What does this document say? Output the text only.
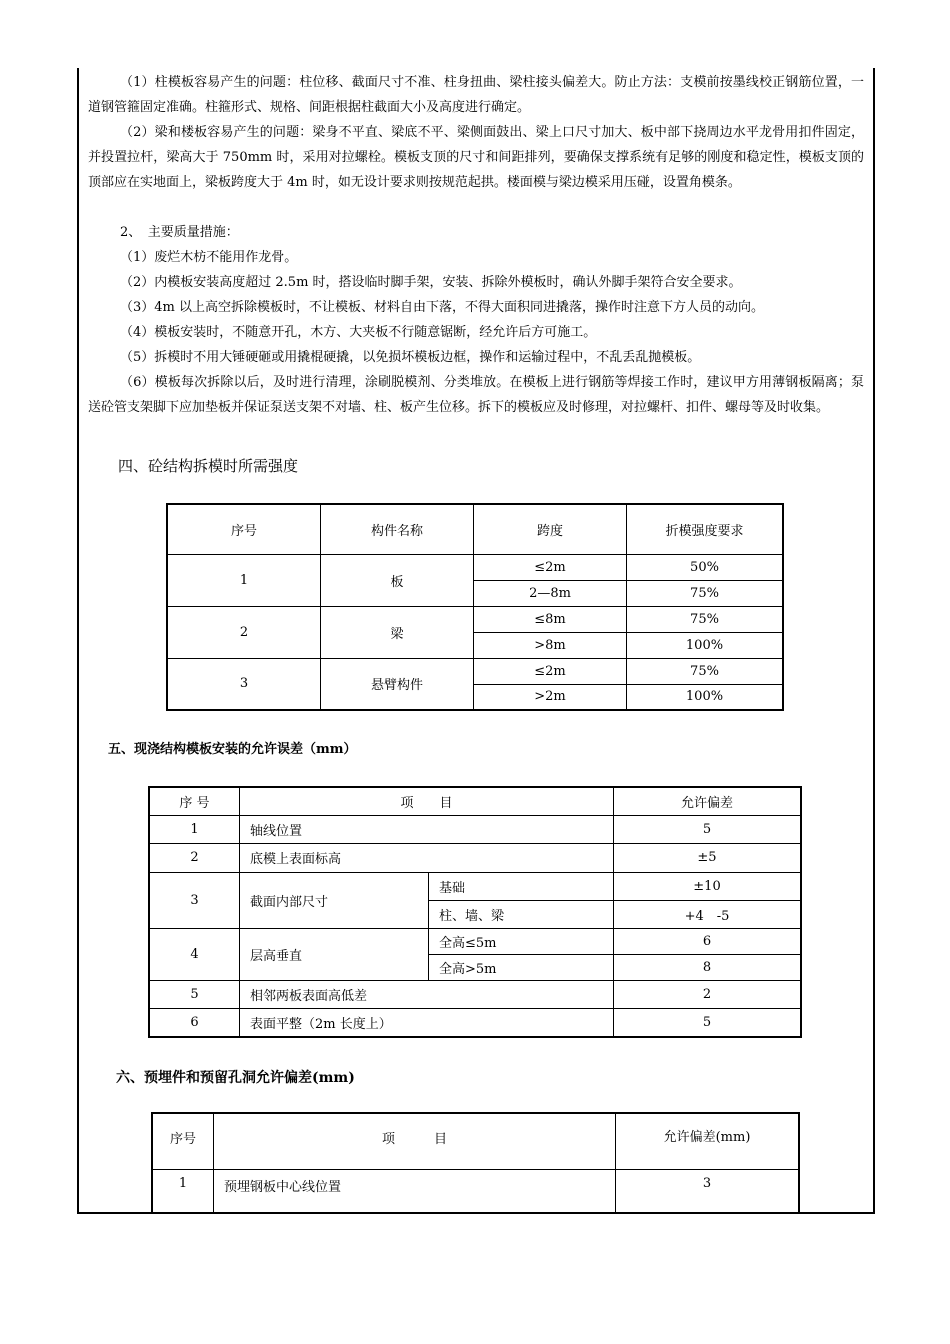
（1）柱模板容易产生的问题：柱位移、截面尺寸不准、柱身扭曲、梁柱接头偏差大。防止方法：支模前按墨线校正钢筋位置，一道钢管箍固定准确。柱箍形式、规格、间距根据柱截面大小及高度进行确定。
（2）梁和楼板容易产生的问题：梁身不平直、梁底不平、梁侧面鼓出、梁上口尺寸加大、板中部下挠周边水平龙骨用扣件固定，并投置拉杆，梁高大于 750mm 时，采用对拉螺栓。模板支顶的尺寸和间距排列，要确保支撑系统有足够的刚度和稳定性，模板支顶的顶部应在实地面上，梁板跨度大于 4m 时，如无设计要求则按规范起拱。楼面模与梁边模采用压碰，设置角模条。
2、　主要质量措施：
（1）废烂木枋不能用作龙骨。
（2）内模板安装高度超过 2.5m 时，搭设临时脚手架，安装、拆除外模板时，确认外脚手架符合安全要求。
（3）4m 以上高空拆除模板时，不让模板、材料自由下落，不得大面积同进撬落，操作时注意下方人员的动向。
（4）模板安装时，不随意开孔，木方、大夹板不行随意锯断，经允许后方可施工。
（5）拆模时不用大锤硬砸或用撬棍硬撬，以免损坏模板边框，操作和运输过程中，不乱丢乱抛模板。
（6）模板每次拆除以后，及时进行清理，涂刷脱模剂、分类堆放。在模板上进行钢筋等焊接工作时，建议甲方用薄钢板隔离；泵送砼管支架脚下应加垫板并保证泵送支架不对墙、柱、板产生位移。拆下的模板应及时修理，对拉螺杆、扣件、螺母等及时收集。
四、砼结构拆模时所需强度
序号	构件名称	跨度	折模强度要求
1	板	≤2m	50%
		2—8m	75%
2	梁	≤8m	75%
		>8m	100%
3	悬臂构件	≤2m	75%
		>2m	100%
五、现浇结构模板安装的允许误差（mm）
序 号	项　　目		允许偏差
1	轴线位置		5
2	底模上表面标高		±5
3	截面内部尺寸	基础	±10
		柱、墙、梁	+4　-5
4	层高垂直	全高≤5m	6
		全高>5m	8
5	相邻两板表面高低差		2
6	表面平整（2m 长度上）		5
六、预埋件和预留孔洞允许偏差(mm)
序号	项　　　目	允许偏差(mm)
1	预埋钢板中心线位置	3
